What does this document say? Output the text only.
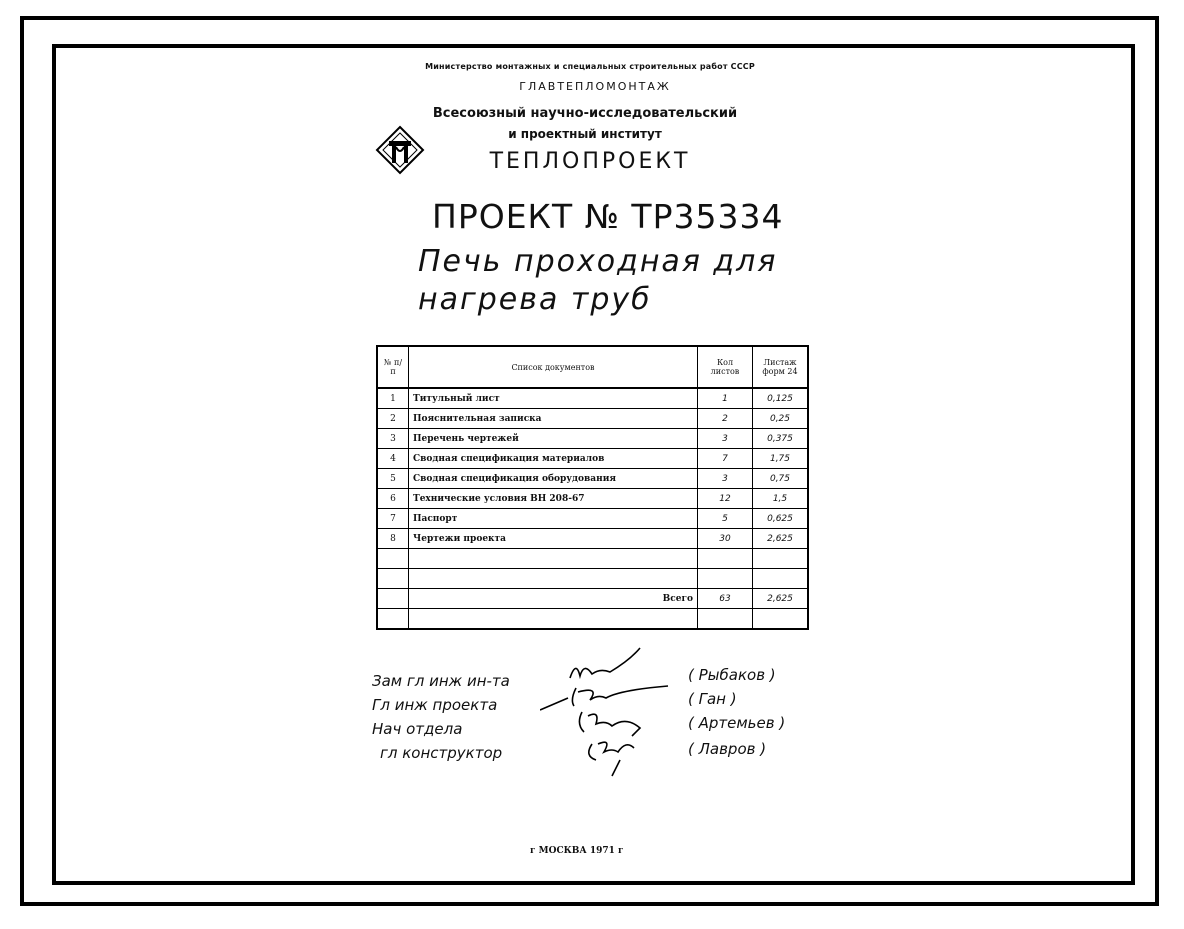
Министерство монтажных и специальных строительных работ СССР
ГЛАВТЕПЛОМОНТАЖ
Всесоюзный научно-исследовательский
и проектный институт
ТЕПЛОПРОЕКТ
ПРОЕКТ № ТР35334
Печь проходная для
нагрева труб
№ п/п	Список документов	Кол листов	Листаж форм 24
1	Титульный лист	1	0,125
2	Пояснительная записка	2	0,25
3	Перечень чертежей	3	0,375
4	Сводная спецификация материалов	7	1,75
5	Сводная спецификация оборудования	3	0,75
6	Технические условия ВН 208-67	12	1,5
7	Паспорт	5	0,625
8	Чертежи проекта	30	2,625

	Всего	63	2,625

Зам гл инж ин-та	( Рыбаков )
Гл инж проекта	( Ган )
Нач отдела	( Артемьев )
гл конструктор	( Лавров )
г МОСКВА 1971 г
